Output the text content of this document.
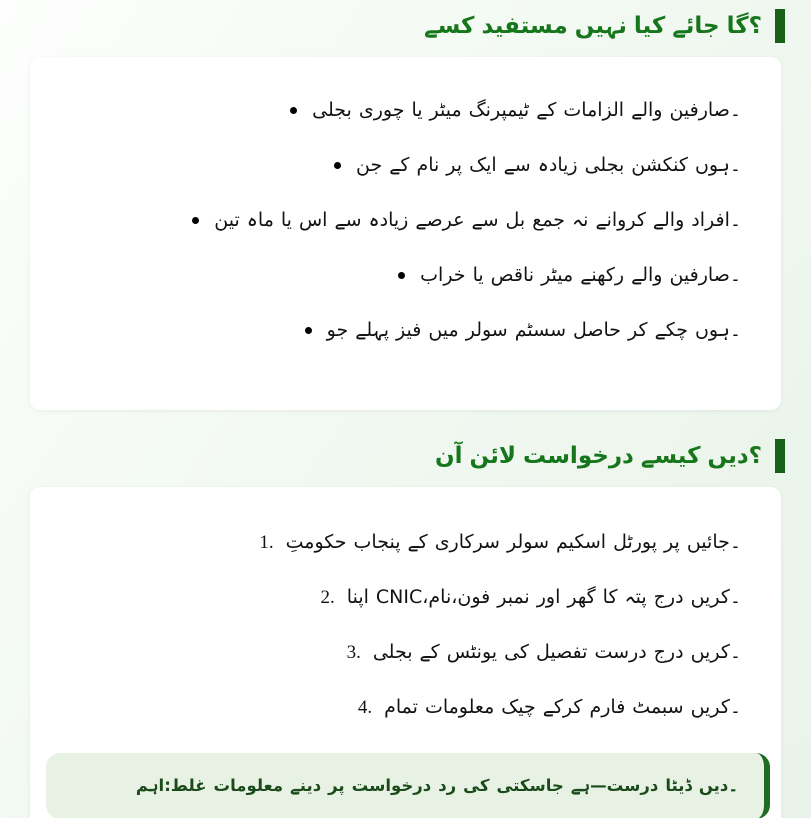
کسے مستفید نہیں کیا جائے گا؟
بجلی چوری یا میٹر ٹیمپرنگ کے الزامات والے صارفین۔
جن کے نام پر ایک سے زیادہ بجلی کنکشن ہوں۔
تین ماہ یا اس سے زیادہ عرصے سے بل جمع نہ کروانے والے افراد۔
خراب یا ناقص میٹر رکھنے والے صارفین۔
جو پہلے فیز میں سولر سسٹم حاصل کر چکے ہوں۔
آن لائن درخواست کیسے دیں؟
1. حکومتِ پنجاب کے سرکاری سولر اسکیم پورٹل پر جائیں۔
2. اپنا CNIC،نام،فون نمبر اور گھر کا پتہ درج کریں۔
3. بجلی کے یونٹس کی تفصیل درست درج کریں۔
4. تمام معلومات چیک کرکے فارم سبمٹ کریں۔
اہم:غلط معلومات دینے پر درخواست رد کی جاسکتی ہے—درست ڈیٹا دیں۔
